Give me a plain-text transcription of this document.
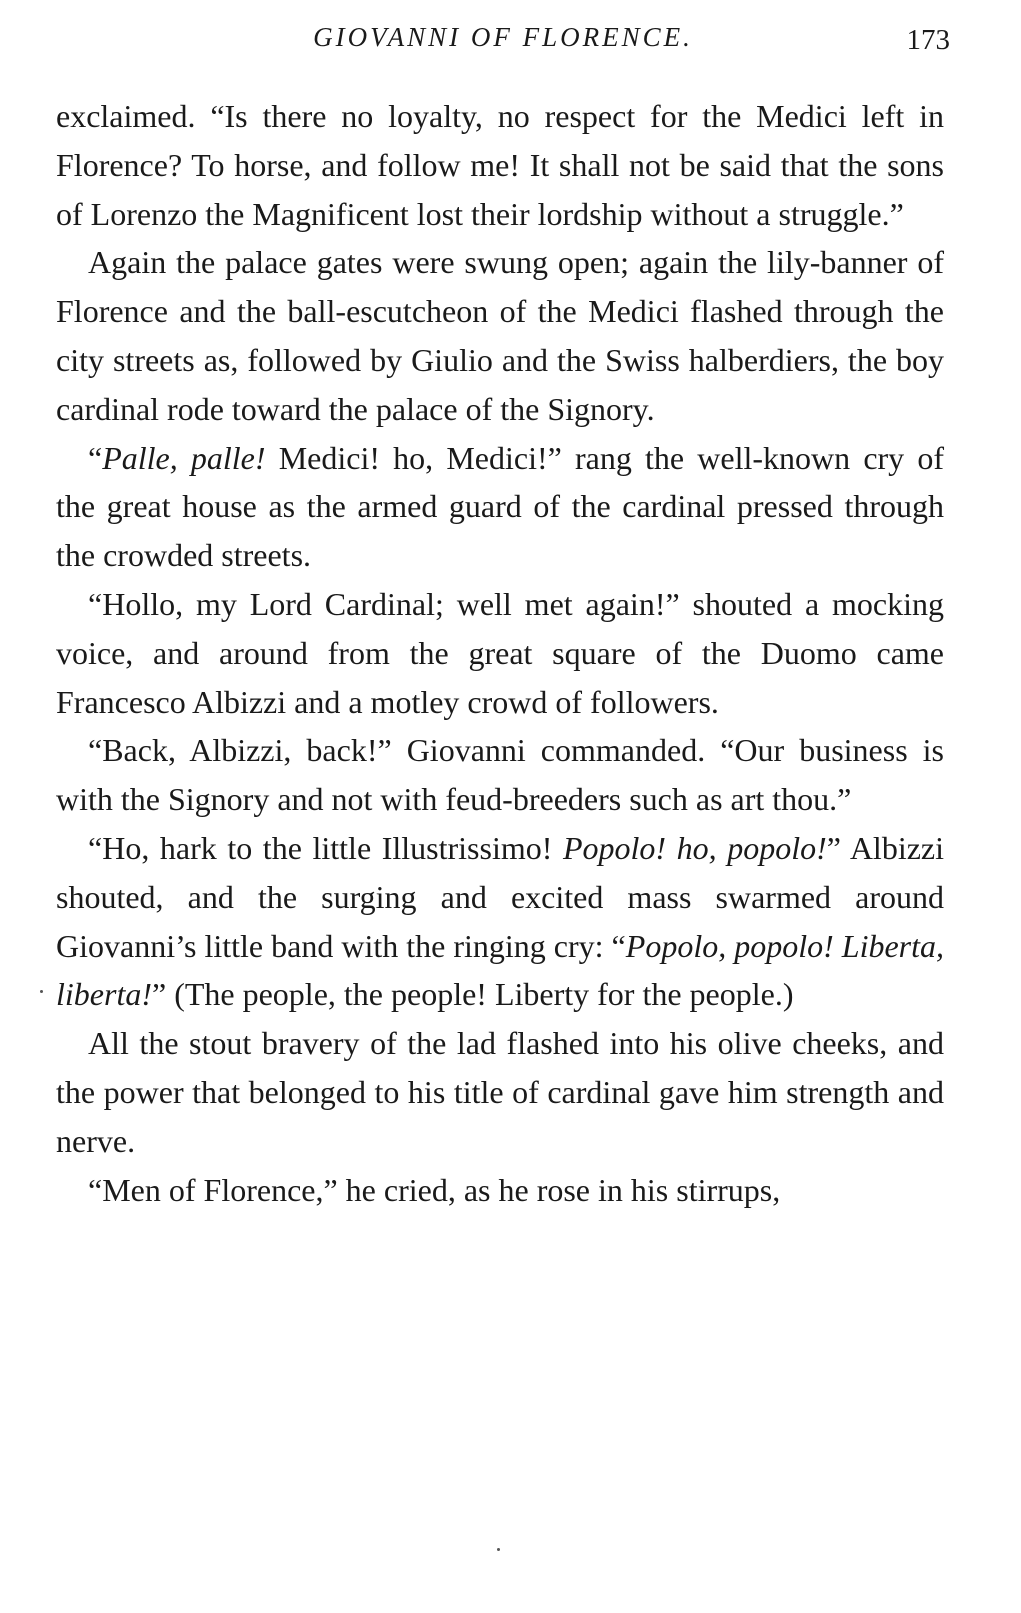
GIOVANNI OF FLORENCE.	173

exclaimed. “Is there no loyalty, no respect for the Medici left in Florence? To horse, and follow me! It shall not be said that the sons of Lorenzo the Magnificent lost their lordship without a struggle.”

Again the palace gates were swung open; again the lily-banner of Florence and the ball-escutcheon of the Medici flashed through the city streets as, followed by Giulio and the Swiss halberdiers, the boy cardinal rode toward the palace of the Signory.

“Palle, palle! Medici! ho, Medici!” rang the well-known cry of the great house as the armed guard of the cardinal pressed through the crowded streets.

“Hollo, my Lord Cardinal; well met again!” shouted a mocking voice, and around from the great square of the Duomo came Francesco Albizzi and a motley crowd of followers.

“Back, Albizzi, back!” Giovanni commanded. “Our business is with the Signory and not with feud-breeders such as art thou.”

“Ho, hark to the little Illustrissimo! Popolo! ho, popolo!” Albizzi shouted, and the surging and excited mass swarmed around Giovanni’s little band with the ringing cry: “Popolo, popolo! Liberta, liberta!” (The people, the people! Liberty for the people.)

All the stout bravery of the lad flashed into his olive cheeks, and the power that belonged to his title of cardinal gave him strength and nerve.

“Men of Florence,” he cried, as he rose in his stirrups,
